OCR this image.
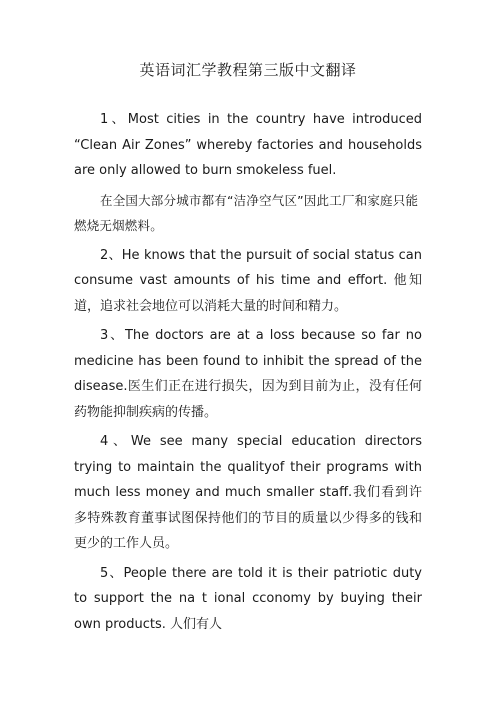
英语词汇学教程第三版中文翻译

1、Most cities in the country have introduced “Clean Air Zones” whereby factories and households are only allowed to burn smokeless fuel.

在全国大部分城市都有“洁净空气区”因此工厂和家庭只能燃烧无烟燃料。

2、He knows that the pursuit of social status can consume vast amounts of his time and effort. 他知道，追求社会地位可以消耗大量的时间和精力。

3、The doctors are at a loss because so far no medicine has been found to inhibit the spread of the disease.医生们正在进行损失，因为到目前为止，没有任何药物能抑制疾病的传播。

4、We see many special education directors trying to maintain the qualityof their programs with much less money and much smaller staff.我们看到许多特殊教育董事试图保持他们的节目的质量以少得多的钱和更少的工作人员。

5、People there are told it is their patriotic duty to support the na t ional cconomy by buying their own products. 人们有人
